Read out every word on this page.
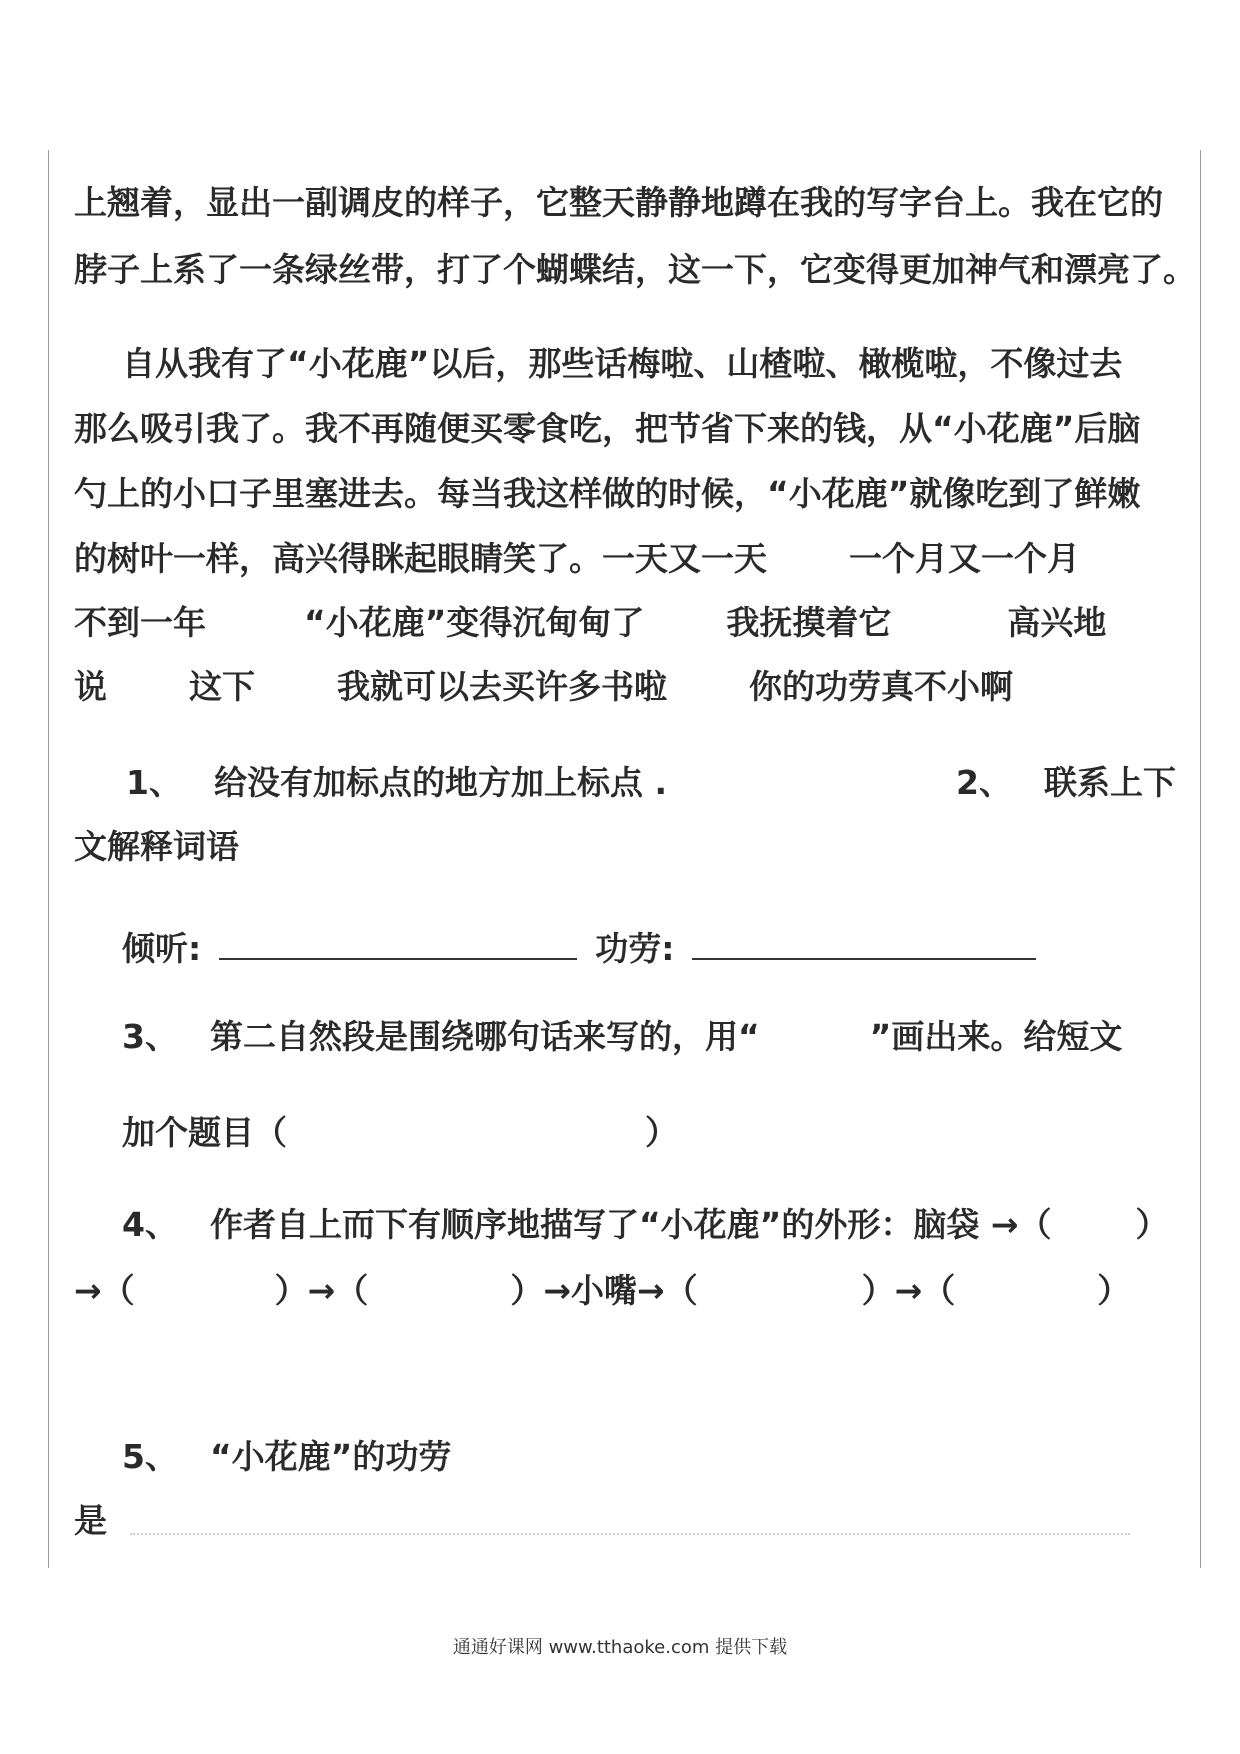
上翘着，显出一副调皮的样子，它整天静静地蹲在我的写字台上。我在它的
脖子上系了一条绿丝带，打了个蝴蝶结，这一下，它变得更加神气和漂亮了。
自从我有了“小花鹿”以后，那些话梅啦、山楂啦、橄榄啦，不像过去
那么吸引我了。我不再随便买零食吃，把节省下来的钱，从“小花鹿”后脑
勺上的小口子里塞进去。每当我这样做的时候，“小花鹿”就像吃到了鲜嫩
的树叶一样，高兴得眯起眼睛笑了。一天又一天 一个月又一个月
不到一年	“小花鹿”变得沉甸甸了 我抚摸着它	高兴地
说 这下 我就可以去买许多书啦 你的功劳真不小啊
1、 给没有加标点的地方加上标点 .	2、 联系上下
文解释词语
倾听:	功劳:
3、 第二自然段是围绕哪句话来写的，用“	”画出来。给短文
加个题目（	）
4、 作者自上而下有顺序地描写了“小花鹿”的外形：脑袋 →（	）
→（	）→（	）→小嘴→（	）→（	）
5、 “小花鹿”的功劳
是
通通好课网 www.tthaoke.com 提供下载
